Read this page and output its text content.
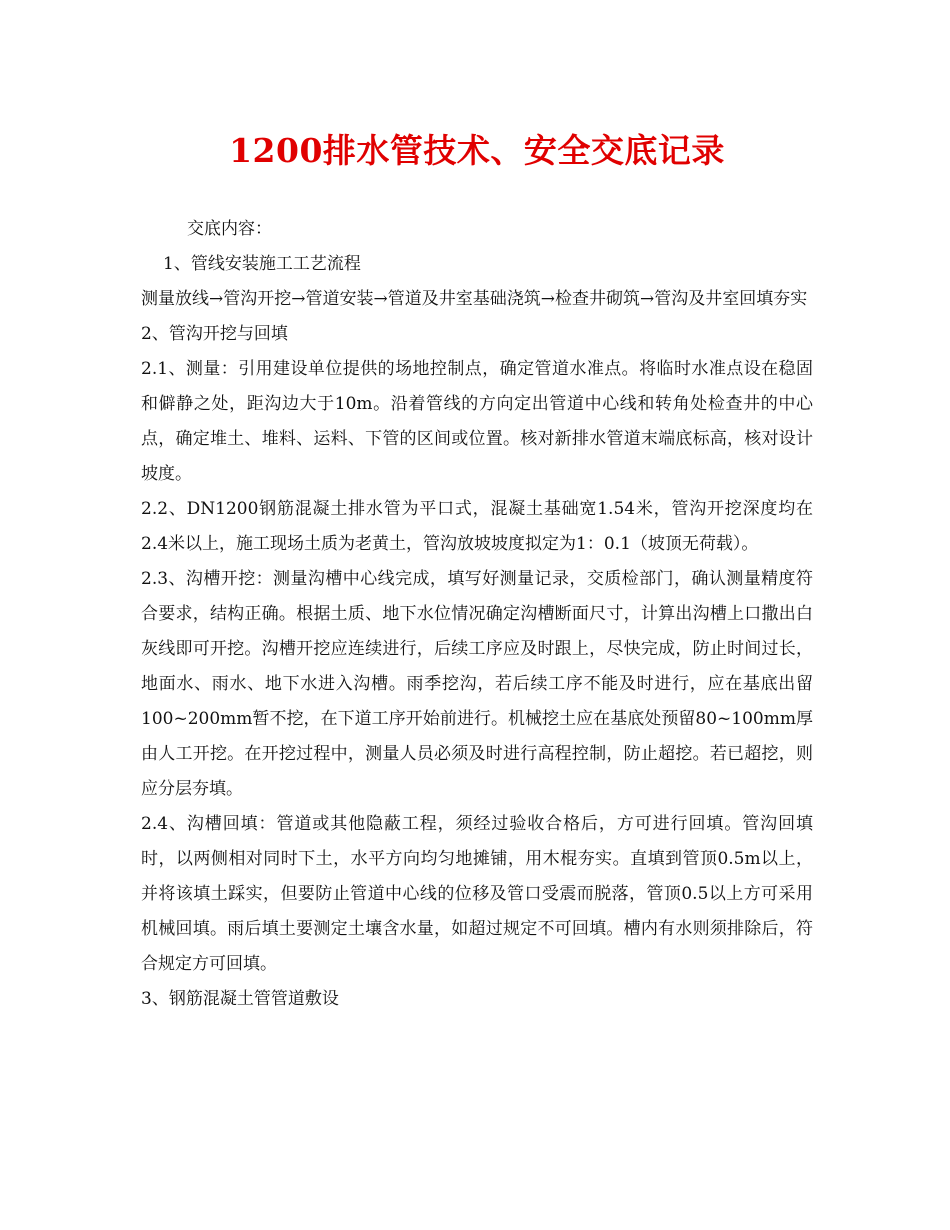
1200排水管技术、安全交底记录

交底内容：

1、管线安装施工工艺流程

测量放线→管沟开挖→管道安装→管道及井室基础浇筑→检查井砌筑→管沟及井室回填夯实

2、管沟开挖与回填

2.1、测量：引用建设单位提供的场地控制点，确定管道水准点。将临时水准点设在稳固和僻静之处，距沟边大于10m。沿着管线的方向定出管道中心线和转角处检查井的中心点，确定堆土、堆料、运料、下管的区间或位置。核对新排水管道末端底标高，核对设计坡度。

2.2、DN1200钢筋混凝土排水管为平口式，混凝土基础宽1.54米，管沟开挖深度均在2.4米以上，施工现场土质为老黄土，管沟放坡坡度拟定为1：0.1（坡顶无荷载）。

2.3、沟槽开挖：测量沟槽中心线完成，填写好测量记录，交质检部门，确认测量精度符合要求，结构正确。根据土质、地下水位情况确定沟槽断面尺寸，计算出沟槽上口撒出白灰线即可开挖。沟槽开挖应连续进行，后续工序应及时跟上，尽快完成，防止时间过长，地面水、雨水、地下水进入沟槽。雨季挖沟，若后续工序不能及时进行，应在基底出留100~200mm暂不挖，在下道工序开始前进行。机械挖土应在基底处预留80~100mm厚由人工开挖。在开挖过程中，测量人员必须及时进行高程控制，防止超挖。若已超挖，则应分层夯填。

2.4、沟槽回填：管道或其他隐蔽工程，须经过验收合格后，方可进行回填。管沟回填时，以两侧相对同时下土，水平方向均匀地摊铺，用木棍夯实。直填到管顶0.5m以上，并将该填土踩实，但要防止管道中心线的位移及管口受震而脱落，管顶0.5以上方可采用机械回填。雨后填土要测定土壤含水量，如超过规定不可回填。槽内有水则须排除后，符合规定方可回填。

3、钢筋混凝土管管道敷设
